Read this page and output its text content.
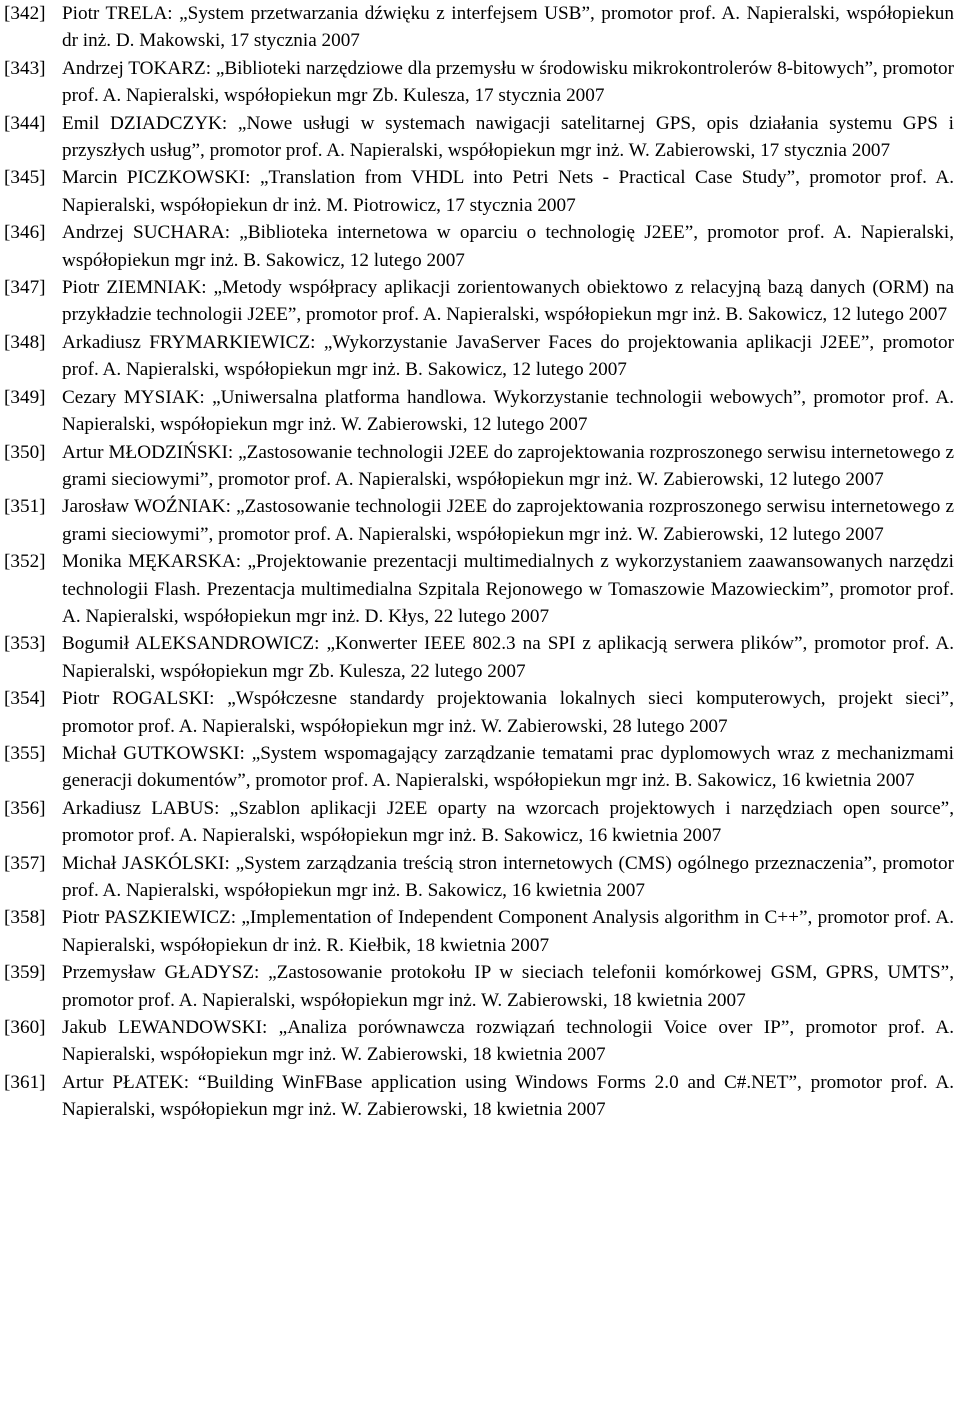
[342] Piotr TRELA: „System przetwarzania dźwięku z interfejsem USB”, promotor prof. A. Napieralski, współopiekun dr inż. D. Makowski, 17 stycznia 2007
[343] Andrzej TOKARZ: „Biblioteki narzędziowe dla przemysłu w środowisku mikrokontrolerów 8-bitowych”, promotor prof. A. Napieralski, współopiekun mgr Zb. Kulesza, 17 stycznia 2007
[344] Emil DZIADCZYK: „Nowe usługi w systemach nawigacji satelitarnej GPS, opis działania systemu GPS i przyszłych usług”, promotor prof. A. Napieralski, współopiekun mgr inż. W. Zabierowski, 17 stycznia 2007
[345] Marcin PICZKOWSKI: „Translation from VHDL into Petri Nets - Practical Case Study”, promotor prof. A. Napieralski, współopiekun dr inż. M. Piotrowicz, 17 stycznia 2007
[346] Andrzej SUCHARA: „Biblioteka internetowa w oparciu o technologię J2EE”, promotor prof. A. Napieralski, współopiekun mgr inż. B. Sakowicz, 12 lutego 2007
[347] Piotr ZIEMNIAK: „Metody współpracy aplikacji zorientowanych obiektowo z relacyjną bazą danych (ORM) na przykładzie technologii J2EE”, promotor prof. A. Napieralski, współopiekun mgr inż. B. Sakowicz, 12 lutego 2007
[348] Arkadiusz FRYMARKIEWICZ: „Wykorzystanie JavaServer Faces do projektowania aplikacji J2EE”, promotor prof. A. Napieralski, współopiekun mgr inż. B. Sakowicz, 12 lutego 2007
[349] Cezary MYSIAK: „Uniwersalna platforma handlowa. Wykorzystanie technologii webowych”, promotor prof. A. Napieralski, współopiekun mgr inż. W. Zabierowski, 12 lutego 2007
[350] Artur MŁODZIŃSKI: „Zastosowanie technologii J2EE do zaprojektowania rozproszonego serwisu internetowego z grami sieciowymi”, promotor prof. A. Napieralski, współopiekun mgr inż. W. Zabierowski, 12 lutego 2007
[351] Jarosław WOŹNIAK: „Zastosowanie technologii J2EE do zaprojektowania rozproszonego serwisu internetowego z grami sieciowymi”, promotor prof. A. Napieralski, współopiekun mgr inż. W. Zabierowski, 12 lutego 2007
[352] Monika MĘKARSKA: „Projektowanie prezentacji multimedialnych z wykorzystaniem zaawansowanych narzędzi technologii Flash. Prezentacja multimedialna Szpitala Rejonowego w Tomaszowie Mazowieckim”, promotor prof. A. Napieralski, współopiekun mgr inż. D. Kłys, 22 lutego 2007
[353] Bogumił ALEKSANDROWICZ: „Konwerter IEEE 802.3 na SPI z aplikacją serwera plików”, promotor prof. A. Napieralski, współopiekun mgr Zb. Kulesza, 22 lutego 2007
[354] Piotr ROGALSKI: „Współczesne standardy projektowania lokalnych sieci komputerowych, projekt sieci”, promotor prof. A. Napieralski, współopiekun mgr inż. W. Zabierowski, 28 lutego 2007
[355] Michał GUTKOWSKI: „System wspomagający zarządzanie tematami prac dyplomowych wraz z mechanizmami generacji dokumentów”, promotor prof. A. Napieralski, współopiekun mgr inż. B. Sakowicz, 16 kwietnia 2007
[356] Arkadiusz LABUS: „Szablon aplikacji J2EE oparty na wzorcach projektowych i narzędziach open source”, promotor prof. A. Napieralski, współopiekun mgr inż. B. Sakowicz, 16 kwietnia 2007
[357] Michał JASKÓLSKI: „System zarządzania treścią stron internetowych (CMS) ogólnego przeznaczenia”, promotor prof. A. Napieralski, współopiekun mgr inż. B. Sakowicz, 16 kwietnia 2007
[358] Piotr PASZKIEWICZ: „Implementation of Independent Component Analysis algorithm in C++”, promotor prof. A. Napieralski, współopiekun dr inż. R. Kiełbik, 18 kwietnia 2007
[359] Przemysław GŁADYSZ: „Zastosowanie protokołu IP w sieciach telefonii komórkowej GSM, GPRS, UMTS”, promotor prof. A. Napieralski, współopiekun mgr inż. W. Zabierowski, 18 kwietnia 2007
[360] Jakub LEWANDOWSKI: „Analiza porównawcza rozwiązań technologii Voice over IP”, promotor prof. A. Napieralski, współopiekun mgr inż. W. Zabierowski, 18 kwietnia 2007
[361] Artur PŁATEK: “Building WinFBase application using Windows Forms 2.0 and C#.NET”, promotor prof. A. Napieralski, współopiekun mgr inż. W. Zabierowski, 18 kwietnia 2007
